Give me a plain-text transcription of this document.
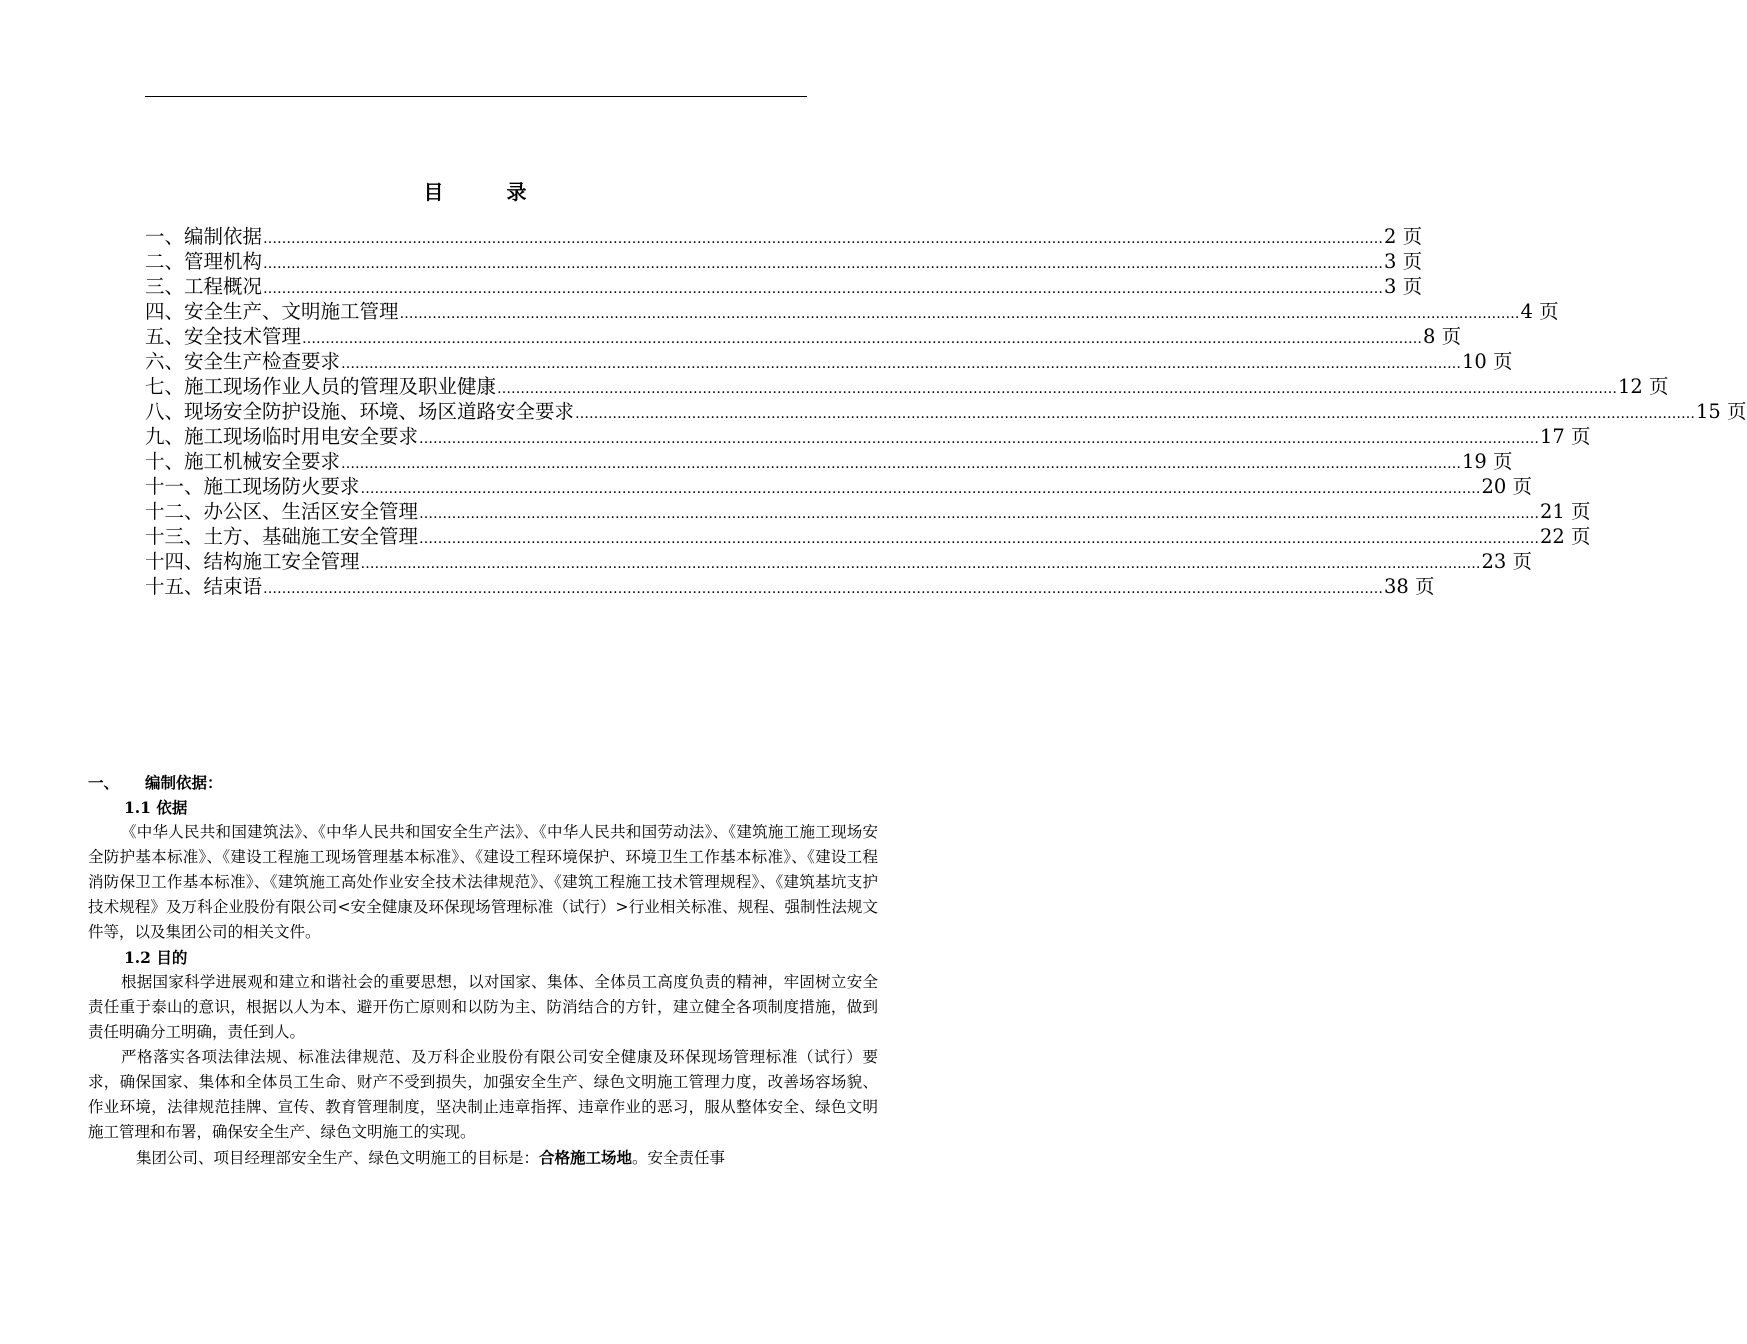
目 录
一、编制依据 …………………………………………………………………………………………………………………………………………………………………………………………………………………… 2 页
二、管理机构 …………………………………………………………………………………………………………………………………………………………………………………………………………………… 3 页
三、工程概况 …………………………………………………………………………………………………………………………………………………………………………………………………………………… 3 页
四、安全生产、文明施工管理 …………………………………………………………………………………………………………………………………………………………………………………………………………………… 4 页
五、安全技术管理 …………………………………………………………………………………………………………………………………………………………………………………………………………………… 8 页
六、安全生产检查要求 …………………………………………………………………………………………………………………………………………………………………………………………………………………… 10 页
七、施工现场作业人员的管理及职业健康 …………………………………………………………………………………………………………………………………………………………………………………………………………………… 12 页
八、现场安全防护设施、环境、场区道路安全要求 …………………………………………………………………………………………………………………………………………………………………………………………………………………… 15 页
九、施工现场临时用电安全要求 …………………………………………………………………………………………………………………………………………………………………………………………………………………… 17 页
十、施工机械安全要求 …………………………………………………………………………………………………………………………………………………………………………………………………………………… 19 页
十一、施工现场防火要求 …………………………………………………………………………………………………………………………………………………………………………………………………………………… 20 页
十二、办公区、生活区安全管理 …………………………………………………………………………………………………………………………………………………………………………………………………………………… 21 页
十三、土方、基础施工安全管理 …………………………………………………………………………………………………………………………………………………………………………………………………………………… 22 页
十四、结构施工安全管理 …………………………………………………………………………………………………………………………………………………………………………………………………………………… 23 页
十五、结束语 …………………………………………………………………………………………………………………………………………………………………………………………………………………… 38 页
一、 编制依据：
1.1 依据
《中华人民共和国建筑法》、《中华人民共和国安全生产法》、《中华人民共和国劳动法》、《建筑施工施工现场安全防护基本标准》、《建设工程施工现场管理基本标准》、《建设工程环境保护、环境卫生工作基本标准》、《建设工程消防保卫工作基本标准》、《建筑施工高处作业安全技术法律规范》、《建筑工程施工技术管理规程》、《建筑基坑支护技术规程》及万科企业股份有限公司<安全健康及环保现场管理标准（试行）>行业相关标准、规程、强制性法规文件等，以及集团公司的相关文件。
1.2 目的
根据国家科学进展观和建立和谐社会的重要思想，以对国家、集体、全体员工高度负责的精神，牢固树立安全责任重于泰山的意识，根据以人为本、避开伤亡原则和以防为主、防消结合的方针，建立健全各项制度措施，做到责任明确分工明确，责任到人。
严格落实各项法律法规、标准法律规范、及万科企业股份有限公司安全健康及环保现场管理标准（试行）要求，确保国家、集体和全体员工生命、财产不受到损失，加强安全生产、绿色文明施工管理力度，改善场容场貌、作业环境，法律规范挂牌、宣传、教育管理制度，坚决制止违章指挥、违章作业的恶习，服从整体安全、绿色文明施工管理和布署，确保安全生产、绿色文明施工的实现。
集团公司、项目经理部安全生产、绿色文明施工的目标是：合格施工场地。安全责任事
